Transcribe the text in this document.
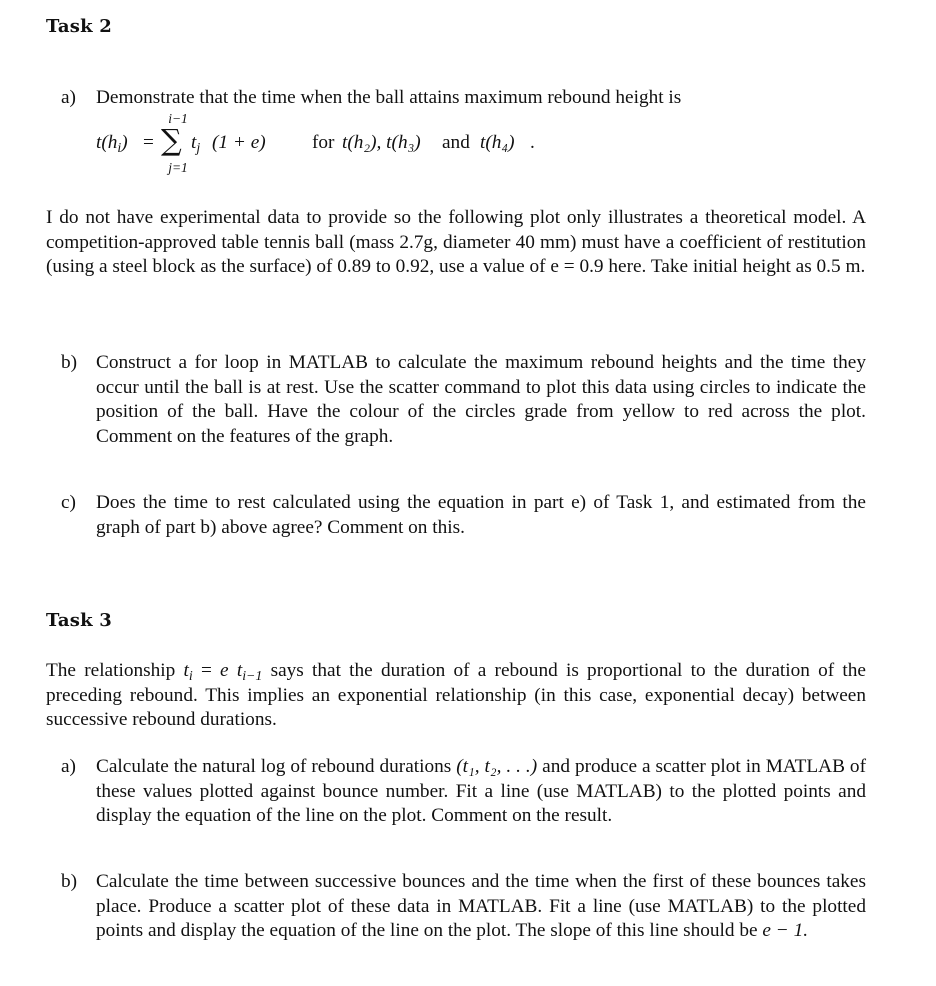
Task 2
a) Demonstrate that the time when the ball attains maximum rebound height is
$t(h_i)$ =
i−1
∑
j=1
$t_j$ (1 + e) for t(h₂), t(h₃) and t(h₄) .
I do not have experimental data to provide so the following plot only illustrates a theoretical model. A competition-approved table tennis ball (mass 2.7g, diameter 40 mm) must have a coefficient of restitution (using a steel block as the surface) of 0.89 to 0.92, use a value of e = 0.9 here. Take initial height as 0.5 m.
b) Construct a for loop in MATLAB to calculate the maximum rebound heights and the time they occur until the ball is at rest. Use the scatter command to plot this data using circles to indicate the position of the ball. Have the colour of the circles grade from yellow to red across the plot. Comment on the features of the graph.
c) Does the time to rest calculated using the equation in part e) of Task 1, and estimated from the graph of part b) above agree? Comment on this.
Task 3
The relationship $t_i = e$ $t_{i-1}$ says that the duration of a rebound is proportional to the duration of the preceding rebound. This implies an exponential relationship (in this case, exponential decay) between successive rebound durations.
a) Calculate the natural log of rebound durations (t₁, t₂, . . .) and produce a scatter plot in MATLAB of these values plotted against bounce number. Fit a line (use MATLAB) to the plotted points and display the equation of the line on the plot. Comment on the result.
b) Calculate the time between successive bounces and the time when the first of these bounces takes place. Produce a scatter plot of these data in MATLAB. Fit a line (use MATLAB) to the plotted points and display the equation of the line on the plot. The slope of this line should be e − 1.
